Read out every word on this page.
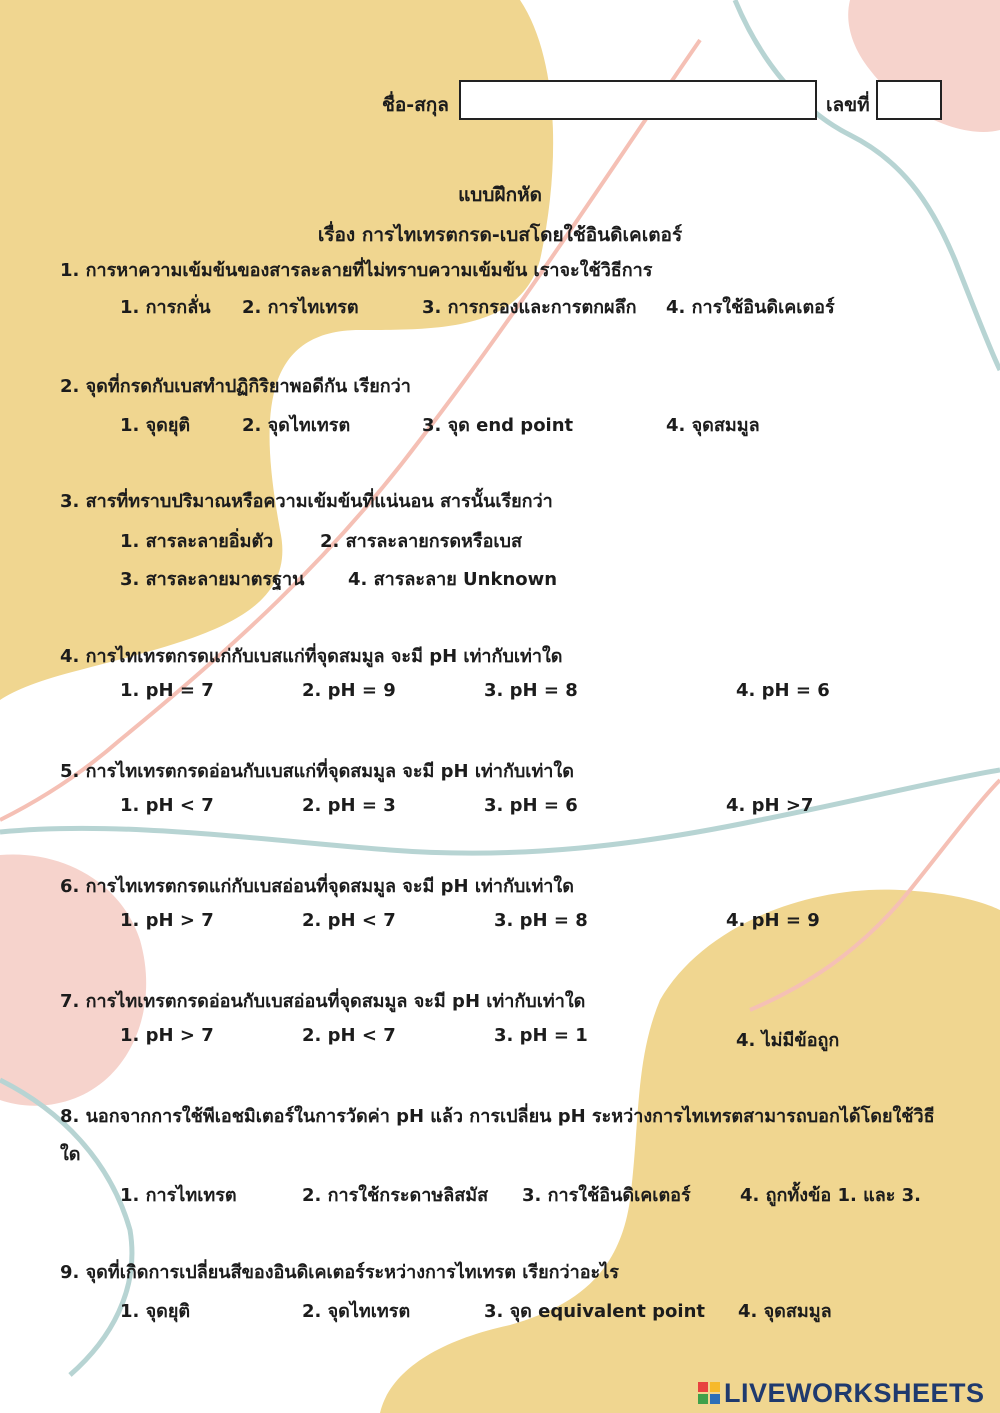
ชื่อ-สกุล	เลขที่
แบบฝึกหัด
เรื่อง การไทเทรตกรด-เบสโดยใช้อินดิเคเตอร์
1. การหาความเข้มข้นของสารละลายที่ไม่ทราบความเข้มข้น เราจะใช้วิธีการ
1. การกลั่น 2. การไทเทรต	3. การกรองและการตกผลึก 4. การใช้อินดิเคเตอร์
2. จุดที่กรดกับเบสทำปฏิกิริยาพอดีกัน เรียกว่า
1. จุดยุติ	2. จุดไทเทรต	3. จุด end point	4. จุดสมมูล
3. สารที่ทราบปริมาณหรือความเข้มข้นที่แน่นอน สารนั้นเรียกว่า
1. สารละลายอิ่มตัว	2. สารละลายกรดหรือเบส
3. สารละลายมาตรฐาน 4. สารละลาย Unknown
4. การไทเทรตกรดแก่กับเบสแก่ที่จุดสมมูล จะมี pH เท่ากับเท่าใด
1. pH = 7	2. pH = 9	3. pH = 8	4. pH = 6
5. การไทเทรตกรดอ่อนกับเบสแก่ที่จุดสมมูล จะมี pH เท่ากับเท่าใด
1. pH < 7	2. pH = 3	3. pH = 6	4. pH >7
6. การไทเทรตกรดแก่กับเบสอ่อนที่จุดสมมูล จะมี pH เท่ากับเท่าใด
1. pH > 7	2. pH < 7	3. pH = 8	4. pH = 9
7. การไทเทรตกรดอ่อนกับเบสอ่อนที่จุดสมมูล จะมี pH เท่ากับเท่าใด
1. pH > 7	2. pH < 7	3. pH = 1	4. ไม่มีข้อถูก
8. นอกจากการใช้พีเอชมิเตอร์ในการวัดค่า pH แล้ว การเปลี่ยน pH ระหว่างการไทเทรตสามารถบอกได้โดยใช้วิธีใด
1. การไทเทรต	2. การใช้กระดาษลิสมัส 3. การใช้อินดิเคเตอร์	4. ถูกทั้งข้อ 1. และ 3.
9. จุดที่เกิดการเปลี่ยนสีของอินดิเคเตอร์ระหว่างการไทเทรต เรียกว่าอะไร
1. จุดยุติ	2. จุดไทเทรต	3. จุด equivalent point 4. จุดสมมูล
LIVEWORKSHEETS
